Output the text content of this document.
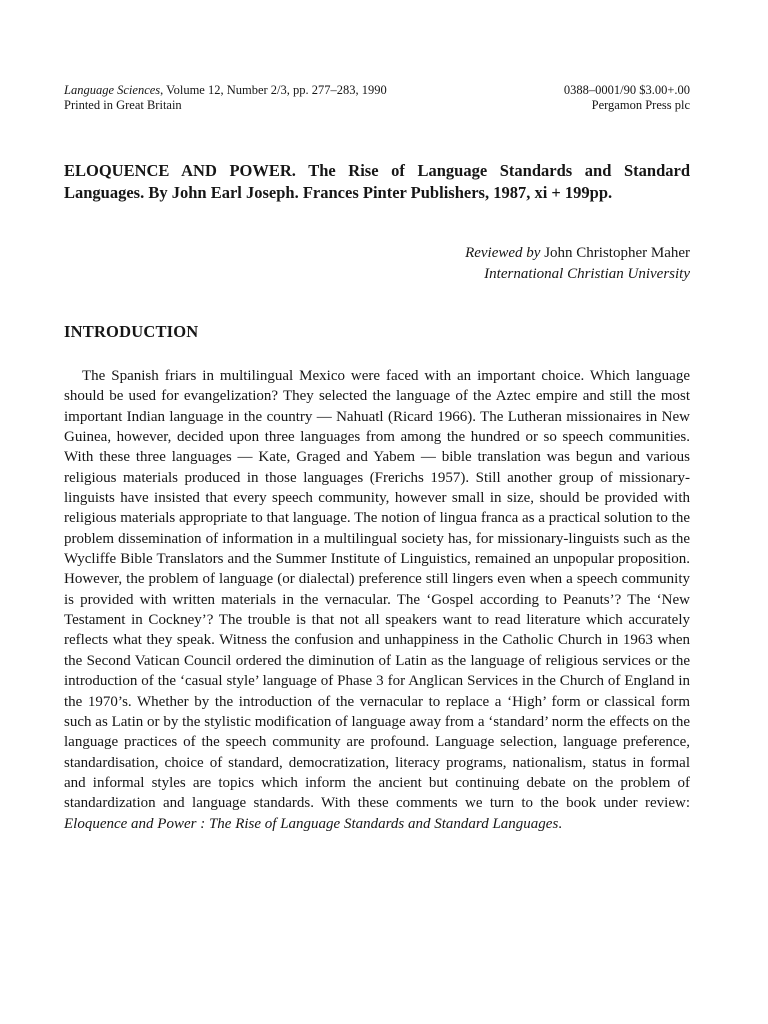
Language Sciences, Volume 12, Number 2/3, pp. 277–283, 1990	0388–0001/90 $3.00+.00
Printed in Great Britain	Pergamon Press plc
ELOQUENCE AND POWER. The Rise of Language Standards and Standard Languages. By John Earl Joseph. Frances Pinter Publishers, 1987, xi + 199pp.
Reviewed by John Christopher Maher
International Christian University
INTRODUCTION

The Spanish friars in multilingual Mexico were faced with an important choice. Which language should be used for evangelization? They selected the language of the Aztec empire and still the most important Indian language in the country — Nahuatl (Ricard 1966). The Lutheran missionaires in New Guinea, however, decided upon three languages from among the hundred or so speech communities. With these three languages — Kate, Graged and Yabem — bible translation was begun and various religious materials produced in those languages (Frerichs 1957). Still another group of missionary-linguists have insisted that every speech community, however small in size, should be provided with religious materials appropriate to that language. The notion of lingua franca as a practical solution to the problem dissemination of information in a multilingual society has, for missionary-linguists such as the Wycliffe Bible Translators and the Summer Institute of Linguistics, remained an unpopular proposition. However, the problem of language (or dialectal) preference still lingers even when a speech community is provided with written materials in the vernacular. The ‘Gospel according to Peanuts’? The ‘New Testament in Cockney’? The trouble is that not all speakers want to read literature which accurately reflects what they speak. Witness the confusion and unhappiness in the Catholic Church in 1963 when the Second Vatican Council ordered the diminution of Latin as the language of religious services or the introduction of the ‘casual style’ language of Phase 3 for Anglican Services in the Church of England in the 1970’s. Whether by the introduction of the vernacular to replace a ‘High’ form or classical form such as Latin or by the stylistic modification of language away from a ‘standard’ norm the effects on the language practices of the speech community are profound. Language selection, language preference, standardisation, choice of standard, democratization, literacy programs, nationalism, status in formal and informal styles are topics which inform the ancient but continuing debate on the problem of standardization and language standards. With these comments we turn to the book under review: Eloquence and Power : The Rise of Language Standards and Standard Languages.
